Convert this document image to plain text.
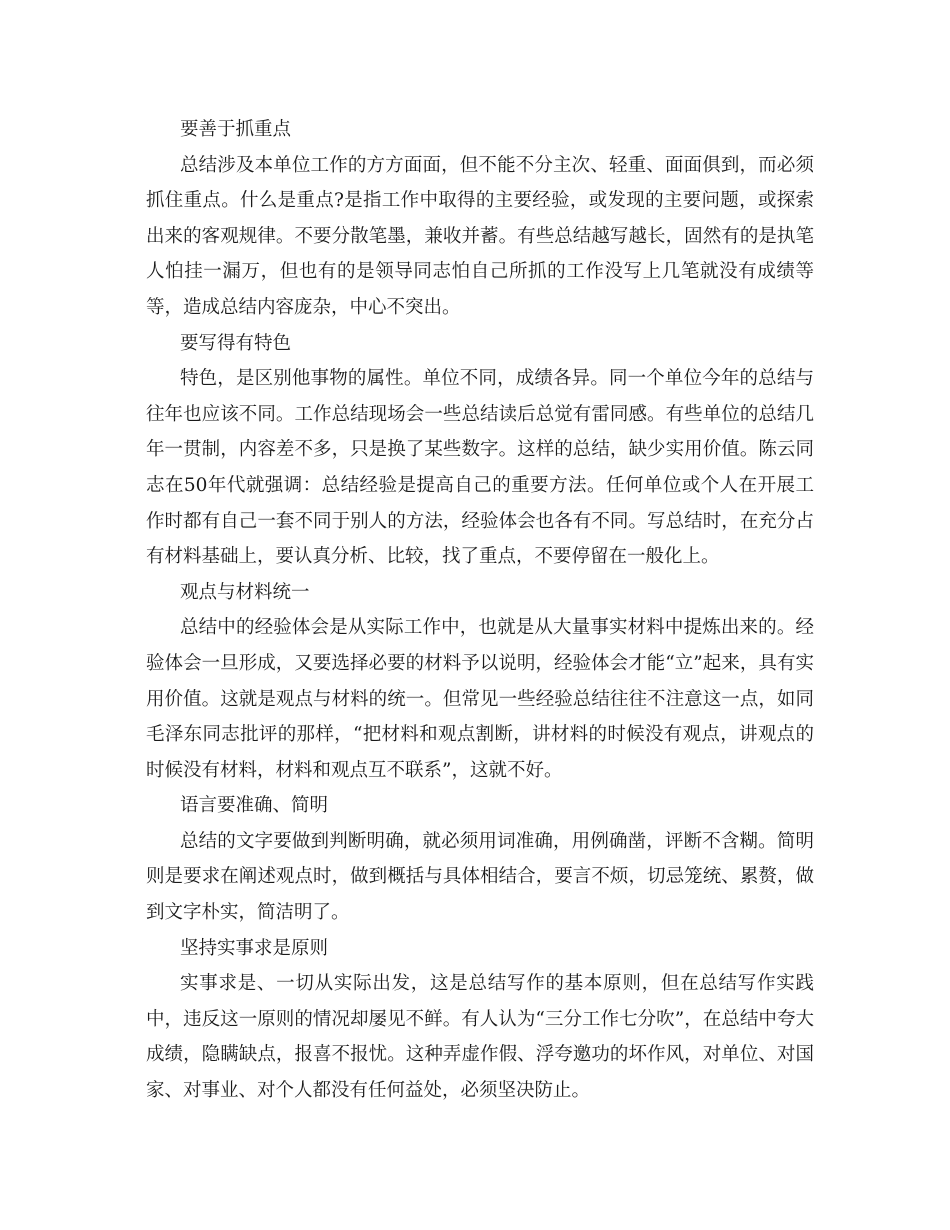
要善于抓重点

总结涉及本单位工作的方方面面，但不能不分主次、轻重、面面俱到，而必须抓住重点。什么是重点?是指工作中取得的主要经验，或发现的主要问题，或探索出来的客观规律。不要分散笔墨，兼收并蓄。有些总结越写越长，固然有的是执笔人怕挂一漏万，但也有的是领导同志怕自己所抓的工作没写上几笔就没有成绩等等，造成总结内容庞杂，中心不突出。

要写得有特色

特色，是区别他事物的属性。单位不同，成绩各异。同一个单位今年的总结与往年也应该不同。工作总结现场会一些总结读后总觉有雷同感。有些单位的总结几年一贯制，内容差不多，只是换了某些数字。这样的总结，缺少实用价值。陈云同志在50年代就强调：总结经验是提高自己的重要方法。任何单位或个人在开展工作时都有自己一套不同于别人的方法，经验体会也各有不同。写总结时，在充分占有材料基础上，要认真分析、比较，找了重点，不要停留在一般化上。

观点与材料统一

总结中的经验体会是从实际工作中，也就是从大量事实材料中提炼出来的。经验体会一旦形成，又要选择必要的材料予以说明，经验体会才能“立”起来，具有实用价值。这就是观点与材料的统一。但常见一些经验总结往往不注意这一点，如同毛泽东同志批评的那样，“把材料和观点割断，讲材料的时候没有观点，讲观点的时候没有材料，材料和观点互不联系”，这就不好。

语言要准确、简明

总结的文字要做到判断明确，就必须用词准确，用例确凿，评断不含糊。简明则是要求在阐述观点时，做到概括与具体相结合，要言不烦，切忌笼统、累赘，做到文字朴实，简洁明了。

坚持实事求是原则

实事求是、一切从实际出发，这是总结写作的基本原则，但在总结写作实践中，违反这一原则的情况却屡见不鲜。有人认为“三分工作七分吹”，在总结中夸大成绩，隐瞒缺点，报喜不报忧。这种弄虚作假、浮夸邀功的坏作风，对单位、对国家、对事业、对个人都没有任何益处，必须坚决防止。
